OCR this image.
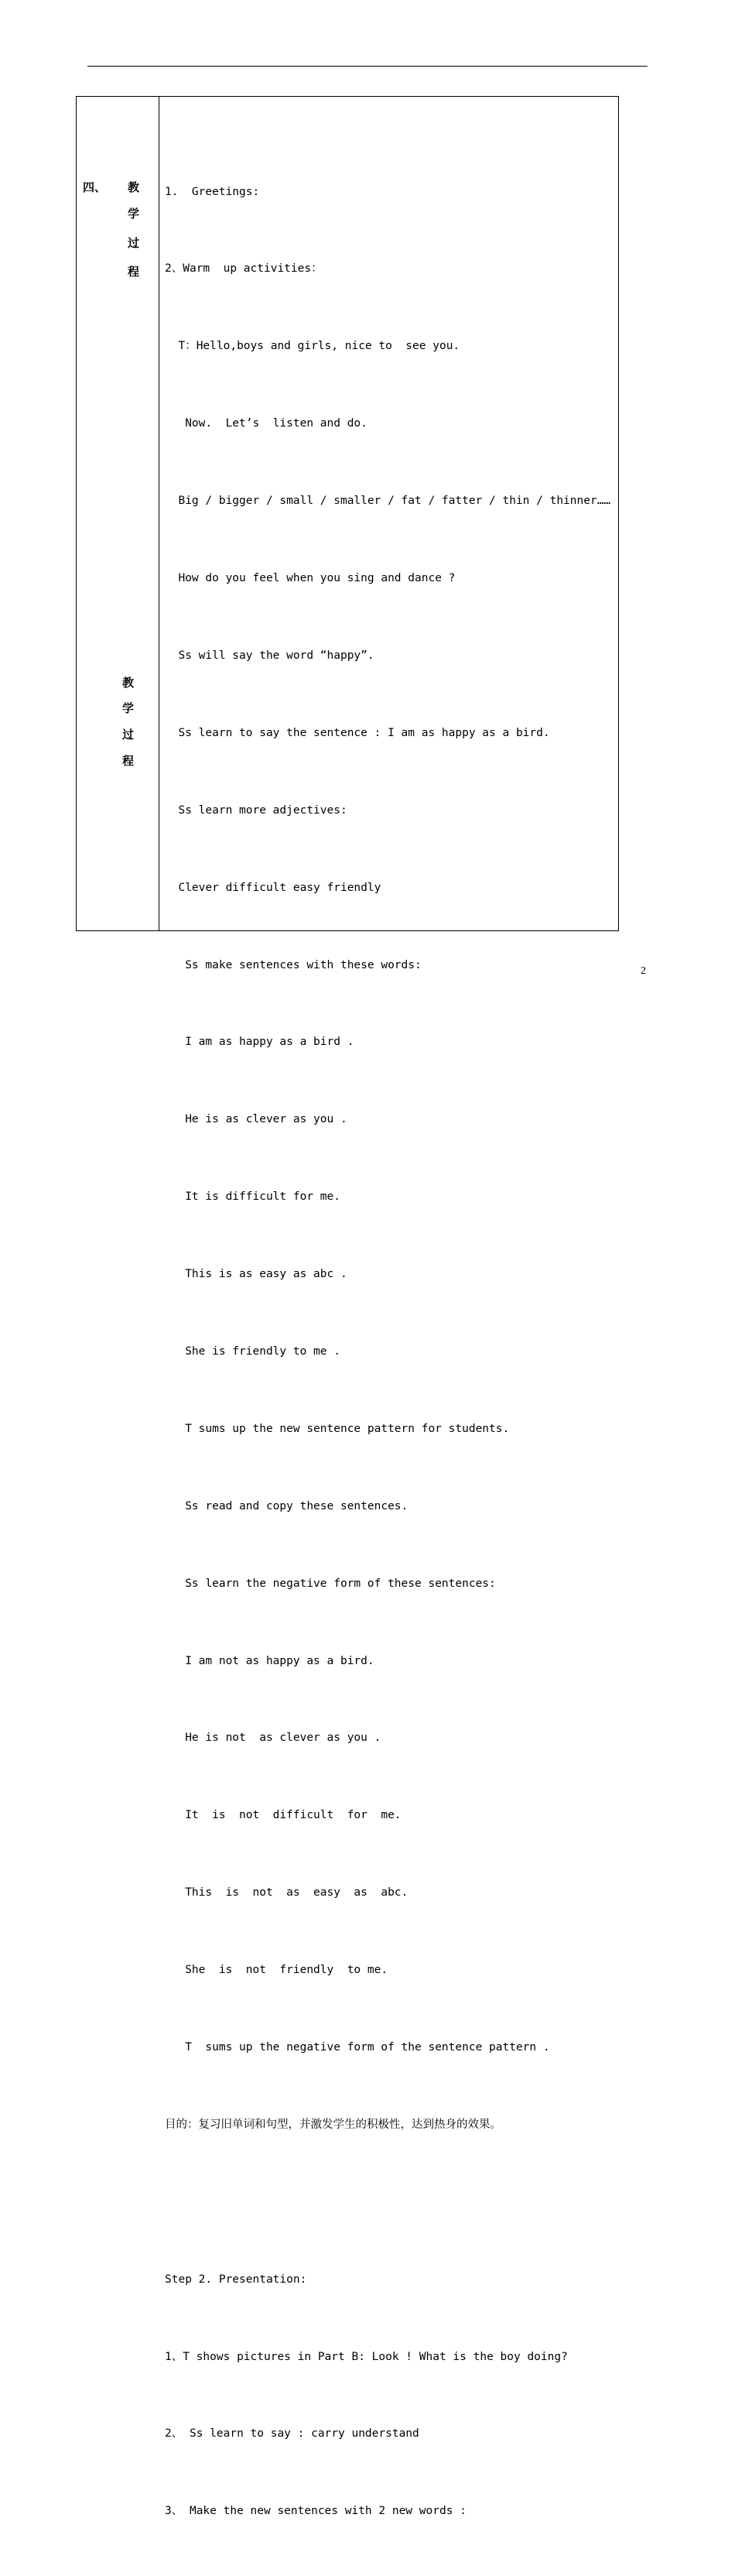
四、 教
学
过
程
教
学
过
程

1.  Greetings:

2、Warm  up activities：

T：Hello,boys and girls, nice to  see you.

Now.  Let’s  listen and do.

Big / bigger / small / smaller / fat / fatter / thin / thinner……

How do you feel when you sing and dance ?

Ss will say the word “happy”.

Ss learn to say the sentence : I am as happy as a bird.

Ss learn more adjectives:

Clever difficult easy friendly

Ss make sentences with these words:

I am as happy as a bird .

He is as clever as you .

It is difficult for me.

This is as easy as abc .

She is friendly to me .

T sums up the new sentence pattern for students.

Ss read and copy these sentences.

Ss learn the negative form of these sentences:

I am not as happy as a bird.

He is not  as clever as you .

It  is  not  difficult  for  me.

This  is  not  as  easy  as  abc.

She  is  not  friendly  to me.

T  sums up the negative form of the sentence pattern .

目的：复习旧单词和句型，并激发学生的积极性，达到热身的效果。

Step 2. Presentation:

1、T shows pictures in Part B: Look ! What is the boy doing?

2、 Ss learn to say : carry understand

3、 Make the new sentences with 2 new words :

2
